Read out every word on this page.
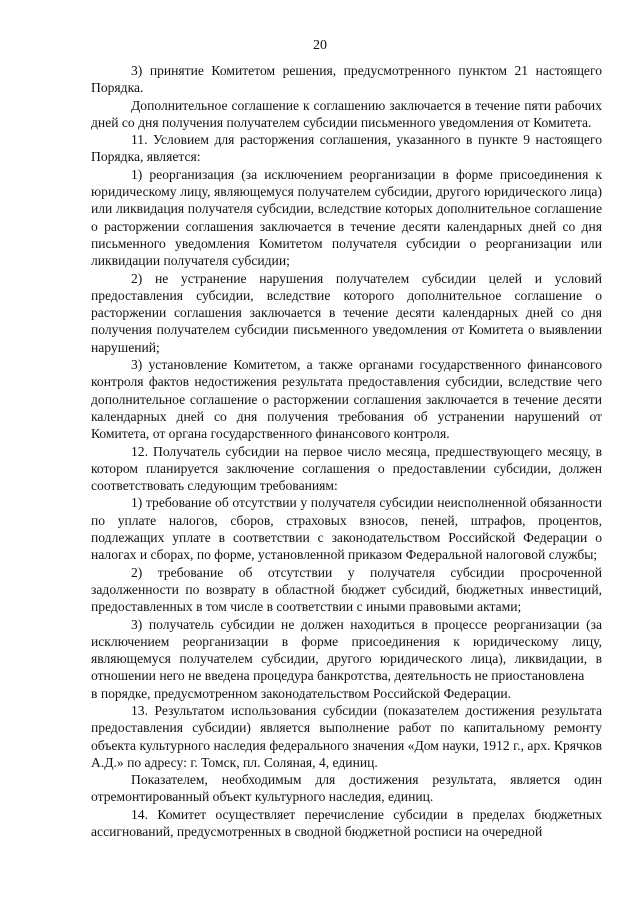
20

3) принятие Комитетом решения, предусмотренного пунктом 21 настоящего Порядка.

Дополнительное соглашение к соглашению заключается в течение пяти рабочих дней со дня получения получателем субсидии письменного уведомления от Комитета.

11. Условием для расторжения соглашения, указанного в пункте 9 настоящего Порядка, является:

1) реорганизация (за исключением реорганизации в форме присоединения к юридическому лицу, являющемуся получателем субсидии, другого юридического лица) или ликвидация получателя субсидии, вследствие которых дополнительное соглашение о расторжении соглашения заключается в течение десяти календарных дней со дня письменного уведомления Комитетом получателя субсидии о реорганизации или ликвидации получателя субсидии;

2) не устранение нарушения получателем субсидии целей и условий предоставления субсидии, вследствие которого дополнительное соглашение о расторжении соглашения заключается в течение десяти календарных дней со дня получения получателем субсидии письменного уведомления от Комитета о выявлении нарушений;

3) установление Комитетом, а также органами государственного финансового контроля фактов недостижения результата предоставления субсидии, вследствие чего дополнительное соглашение о расторжении соглашения заключается в течение десяти календарных дней со дня получения требования об устранении нарушений от Комитета, от органа государственного финансового контроля.

12. Получатель субсидии на первое число месяца, предшествующего месяцу, в котором планируется заключение соглашения о предоставлении субсидии, должен соответствовать следующим требованиям:

1) требование об отсутствии у получателя субсидии неисполненной обязанности по уплате налогов, сборов, страховых взносов, пеней, штрафов, процентов, подлежащих уплате в соответствии с законодательством Российской Федерации о налогах и сборах, по форме, установленной приказом Федеральной налоговой службы;

2) требование об отсутствии у получателя субсидии просроченной задолженности по возврату в областной бюджет субсидий, бюджетных инвестиций, предоставленных в том числе в соответствии с иными правовыми актами;

3) получатель субсидии не должен находиться в процессе реорганизации (за исключением реорганизации в форме присоединения к юридическому лицу, являющемуся получателем субсидии, другого юридического лица), ликвидации, в отношении него не введена процедура банкротства, деятельность не приостановлена

в порядке, предусмотренном законодательством Российской Федерации.

13. Результатом использования субсидии (показателем достижения результата предоставления субсидии) является выполнение работ по капитальному ремонту объекта культурного наследия федерального значения «Дом науки, 1912 г., арх. Крячков А.Д.» по адресу: г. Томск, пл. Соляная, 4, единиц.

Показателем, необходимым для достижения результата, является один отремонтированный объект культурного наследия, единиц.

14. Комитет осуществляет перечисление субсидии в пределах бюджетных ассигнований, предусмотренных в сводной бюджетной росписи на очередной
